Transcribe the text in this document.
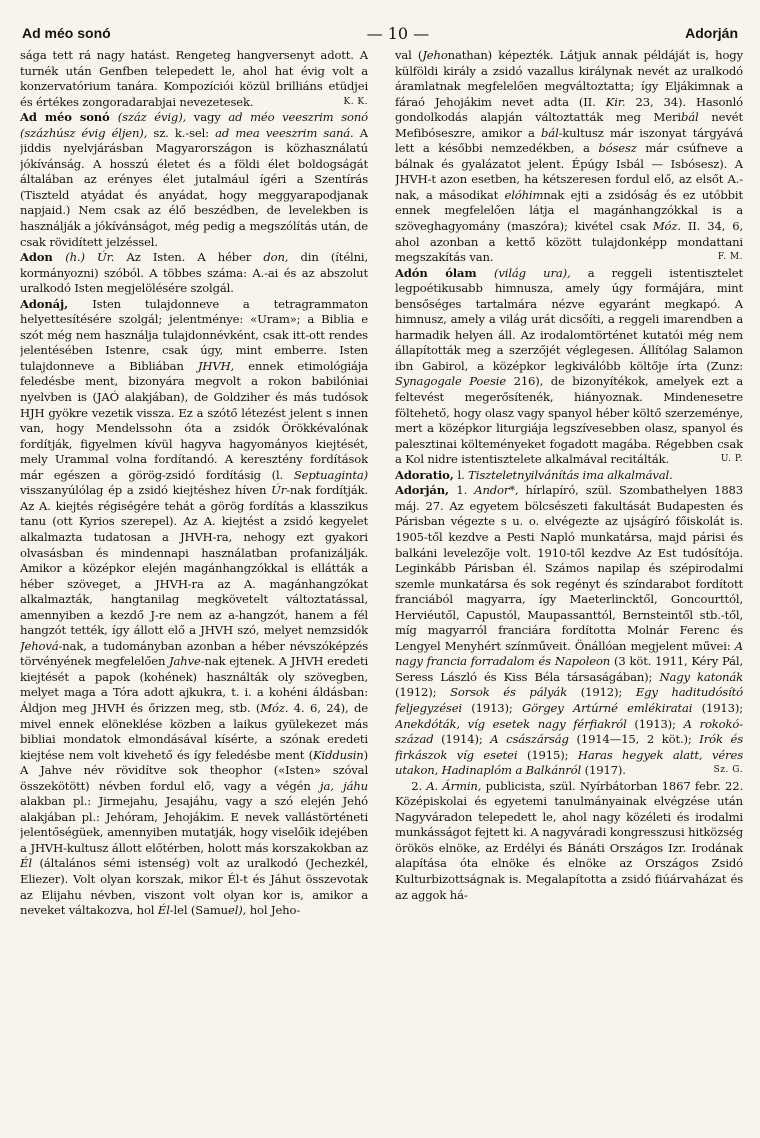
Ad méo sonó	— 10 —	Adorján

sága tett rá nagy hatást. Rengeteg hangversenyt adott. A turnék után Genfben telepedett le, ahol hat évig volt a konzervatórium tanára. Kompozíciói közül brilliáns etüdjei és értékes zongoradarabjai nevezetesek.	K. K.

Ad méo sonó (száz évig), vagy ad méo veeszrim sonó (százhúsz évig éljen), sz. k.-sel: ad mea veeszrim saná. A jiddis nyelvjárásban Magyarországon is közhasználatú jókívánság. A hosszú életet és a földi élet boldogságát általában az erényes élet jutalmául ígéri a Szentírás (Tiszteld atyádat és anyádat, hogy meggyarapodjanak napjaid.) Nem csak az élő beszédben, de levelekben is használják a jókívánságot, még pedig a megszólítás után, de csak rövidített jelzéssel.

Adon (h.) Úr. Az Isten. A héber don, din (ítélni, kormányozni) szóból. A többes száma: A.-ai és az abszolut uralkodó Isten megjelölésére szolgál.

Adonáj, Isten tulajdonneve a tetragrammaton helyettesítésére szolgál; jelentménye: «Uram»; a Biblia e szót még nem használja tulajdonnévként, csak itt-ott rendes jelentésében Istenre, csak úgy, mint emberre. Isten tulajdonneve a Bibliában JHVH, ennek etimológiája feledésbe ment, bizonyára megvolt a rokon babilóniai nyelvben is (JAÓ alakjában), de Goldziher és más tudósok HJH gyökre vezetik vissza. Ez a szótő létezést jelent s innen van, hogy Mendelssohn óta a zsidók Örökkévalónak fordítják, figyelmen kívül hagyva hagyományos kiejtését, mely Urammal volna fordítandó. A keresztény fordítások már egészen a görög-zsidó fordításig (l. Septuaginta) visszanyúlólag ép a zsidó kiejtéshez híven Úr-nak fordítják. Az A. kiejtés régiségére tehát a görög fordítás a klasszikus tanu (ott Kyrios szerepel). Az A. kiejtést a zsidó kegyelet alkalmazta tudatosan a JHVH-ra, nehogy ezt gyakori olvasásban és mindennapi használatban profanizálják. Amikor a középkor elején magánhangzókkal is ellátták a héber szöveget, a JHVH-ra az A. magánhangzókat alkalmazták, hangtanilag megkövetelt változtatással, amennyiben a kezdő J-re nem az a-hangzót, hanem a fél hangzót tették, így állott elő a JHVH szó, melyet nemzsidók Jehová-nak, a tudományban azonban a héber névszóképzés törvényének megfelelően Jahve-nak ejtenek. A JHVH eredeti kiejtését a papok (kohének) használták oly szövegben, melyet maga a Tóra adott ajkukra, t. i. a kohéni áldásban: Áldjon meg JHVH és őrizzen meg, stb. (Móz. 4. 6, 24), de mivel ennek elöneklése közben a laikus gyülekezet más bibliai mondatok elmondásával kísérte, a szónak eredeti kiejtése nem volt kivehető és így feledésbe ment (Kiddusin) A Jahve név rövidítve sok theophor («Isten» szóval összekötött) névben fordul elő, vagy a végén ja, jáhu alakban pl.: Jirmejahu, Jesajáhu, vagy a szó elején Jehó alakjában pl.: Jehóram, Jehojákim. E nevek vallástörténeti jelentőségüek, amennyiben mutatják, hogy viselőik idejében a JHVH-kultusz állott előtérben, holott más korszakokban az Él (általános sémi istenség) volt az uralkodó (Jechezkél, Eliezer). Volt olyan korszak, mikor Él-t és Jáhut összevotak az Elijahu névben, viszont volt olyan kor is, amikor a neveket váltakozva, hol Él-lel (Samuel), hol Jeho-

val (Jehonathan) képezték. Látjuk annak példáját is, hogy külföldi király a zsidó vazallus királynak nevét az uralkodó áramlatnak megfelelően megváltoztatta; így Eljákimnak a fáraó Jehojákim nevet adta (II. Kir. 23, 34). Hasonló gondolkodás alapján változtatták meg Meribál nevét Mefibóseszre, amikor a bál-kultusz már iszonyat tárgyává lett a későbbi nemzedékben, a bósesz már csúfneve a bálnak és gyalázatot jelent. Épúgy Isbál — Isbósesz). A JHVH-t azon esetben, ha kétszeresen fordul elő, az elsőt A.-nak, a másodikat elóhimnak ejti a zsidóság és ez utóbbit ennek megfelelően látja el magánhangzókkal is a szöveghagyomány (maszóra); kivétel csak Móz. II. 34, 6, ahol azonban a kettő között tulajdonképp mondattani megszakítás van.	F. M.

Adón ólam (világ ura), a reggeli istentisztelet legpoétikusabb himnusza, amely úgy formájára, mint bensőséges tartalmára nézve egyaránt megkapó. A himnusz, amely a világ urát dicsőíti, a reggeli imarendben a harmadik helyen áll. Az irodalomtörténet kutatói még nem állapították meg a szerzőjét véglegesen. Állítólag Salamon ibn Gabirol, a középkor legkiválóbb költője írta (Zunz: Synagogale Poesie 216), de bizonyítékok, amelyek ezt a feltevést megerősítenék, hiányoznak. Mindenesetre föltehető, hogy olasz vagy spanyol héber költő szerzeménye, mert a középkor liturgiája legszívesebben olasz, spanyol és palesztinai költeményeket fogadott magába. Régebben csak a Kol nidre istentisztelete alkalmával recitálták.	U. P.

Adoratio, l. Tiszteletnyilvánítás ima alkalmával.

Adorján, 1. Andor*, hírlapíró, szül. Szombathelyen 1883 máj. 27. Az egyetem bölcsészeti fakultását Budapesten és Párisban végezte s u. o. elvégezte az ujságíró főiskolát is. 1905-től kezdve a Pesti Napló munkatársa, majd párisi és balkáni levelezője volt. 1910-től kezdve Az Est tudósítója. Leginkább Párisban él. Számos napilap és szépirodalmi szemle munkatársa és sok regényt és színdarabot fordított franciából magyarra, így Maeterlincktől, Goncourttól, Herviéutől, Capustól, Maupassanttól, Bernsteintől stb.-től, míg magyarról franciára fordította Molnár Ferenc és Lengyel Menyhért színműveit. Önállóan megjelent művei: A nagy francia forradalom és Napoleon (3 köt. 1911, Kéry Pál, Seress László és Kiss Béla társaságában); Nagy katonák (1912); Sorsok és pályák (1912); Egy haditudósító feljegyzései (1913); Görgey Artúrné emlékiratai (1913); Anekdóták, víg esetek nagy férfiakról (1913); A rokokó-század (1914); A császárság (1914—15, 2 köt.); Irók és firkászok víg esetei (1915); Haras hegyek alatt, véres utakon, Hadinaplóm a Balkánról (1917).	Sz. G.

2. A. Ármin, publicista, szül. Nyírbátorban 1867 febr. 22. Középiskolai és egyetemi tanulmányainak elvégzése után Nagyváradon telepedett le, ahol nagy közéleti és irodalmi munkásságot fejtett ki. A nagyváradi kongresszusi hitközség örökös elnöke, az Erdélyi és Bánáti Országos Izr. Irodának alapítása óta elnöke és elnöke az Országos Zsidó Kulturbizottságnak is. Megalapította a zsidó fiúárvaházat és az aggok há-
